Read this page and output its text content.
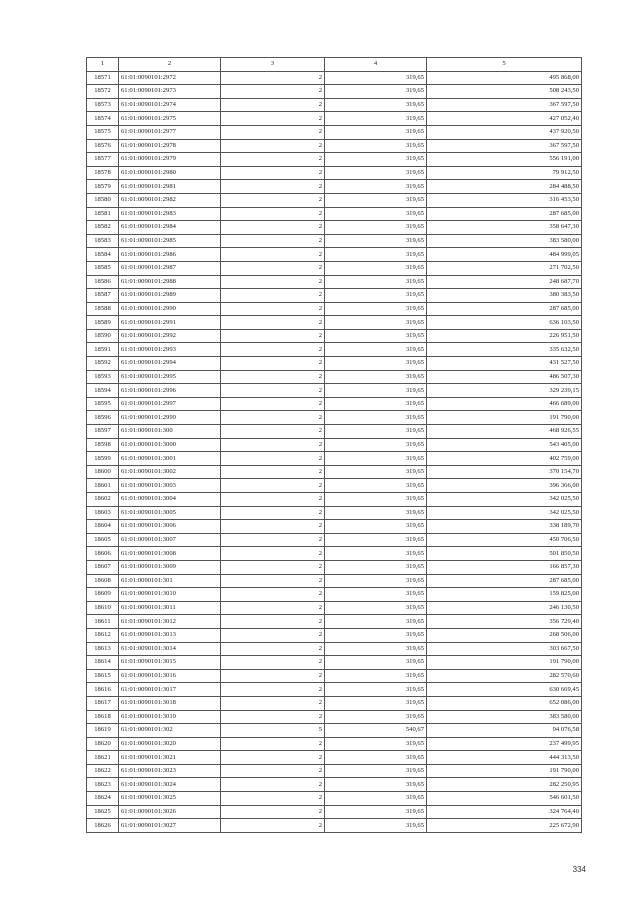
1	2	3	4	5
18571	61:01:0090101:2972	2	319,65	495 868,00
18572	61:01:0090101:2973	2	319,65	508 243,50
18573	61:01:0090101:2974	2	319,65	367 597,50
18574	61:01:0090101:2975	2	319,65	427 052,40
18575	61:01:0090101:2977	2	319,65	437 920,50
18576	61:01:0090101:2978	2	319,65	367 597,50
18577	61:01:0090101:2979	2	319,65	556 191,00
18578	61:01:0090101:2980	2	319,65	79 912,50
18579	61:01:0090101:2981	2	319,65	284 488,50
18580	61:01:0090101:2982	2	319,65	316 453,50
18581	61:01:0090101:2983	2	319,65	287 685,00
18582	61:01:0090101:2984	2	319,65	358 647,30
18583	61:01:0090101:2985	2	319,65	383 580,00
18584	61:01:0090101:2986	2	319,65	484 999,05
18585	61:01:0090101:2987	2	319,65	271 702,50
18586	61:01:0090101:2988	2	319,65	248 687,70
18587	61:01:0090101:2989	2	319,65	380 383,50
18588	61:01:0090101:2990	2	319,65	287 685,00
18589	61:01:0090101:2991	2	319,65	636 103,50
18590	61:01:0090101:2992	2	319,65	226 951,50
18591	61:01:0090101:2993	2	319,65	335 632,50
18592	61:01:0090101:2994	2	319,65	431 527,50
18593	61:01:0090101:2995	2	319,65	486 507,30
18594	61:01:0090101:2996	2	319,65	329 239,15
18595	61:01:0090101:2997	2	319,65	466 689,00
18596	61:01:0090101:2999	2	319,65	191 790,00
18597	61:01:0090101:300	2	319,65	468 926,55
18598	61:01:0090101:3000	2	319,65	543 405,00
18599	61:01:0090101:3001	2	319,65	402 759,00
18600	61:01:0090101:3002	2	319,65	370 154,70
18601	61:01:0090101:3003	2	319,65	396 366,00
18602	61:01:0090101:3004	2	319,65	342 025,50
18603	61:01:0090101:3005	2	319,65	342 025,50
18604	61:01:0090101:3006	2	319,65	338 189,70
18605	61:01:0090101:3007	2	319,65	450 706,50
18606	61:01:0090101:3008	2	319,65	501 850,50
18607	61:01:0090101:3009	2	319,65	166 857,30
18608	61:01:0090101:301	2	319,65	287 685,00
18609	61:01:0090101:3010	2	319,65	159 825,00
18610	61:01:0090101:3011	2	319,65	246 130,50
18611	61:01:0090101:3012	2	319,65	356 729,40
18612	61:01:0090101:3013	2	319,65	268 506,00
18613	61:01:0090101:3014	2	319,65	303 667,50
18614	61:01:0090101:3015	2	319,65	191 790,00
18615	61:01:0090101:3016	2	319,65	282 570,60
18616	61:01:0090101:3017	2	319,65	630 669,45
18617	61:01:0090101:3018	2	319,65	652 086,00
18618	61:01:0090101:3019	2	319,65	383 580,00
18619	61:01:0090101:302	5	540,67	94 076,58
18620	61:01:0090101:3020	2	319,65	237 499,95
18621	61:01:0090101:3021	2	319,65	444 313,50
18622	61:01:0090101:3023	2	319,65	191 790,00
18623	61:01:0090101:3024	2	319,65	282 250,95
18624	61:01:0090101:3025	2	319,65	546 601,50
18625	61:01:0090101:3026	2	319,65	324 764,40
18626	61:01:0090101:3027	2	319,65	225 672,90
334
